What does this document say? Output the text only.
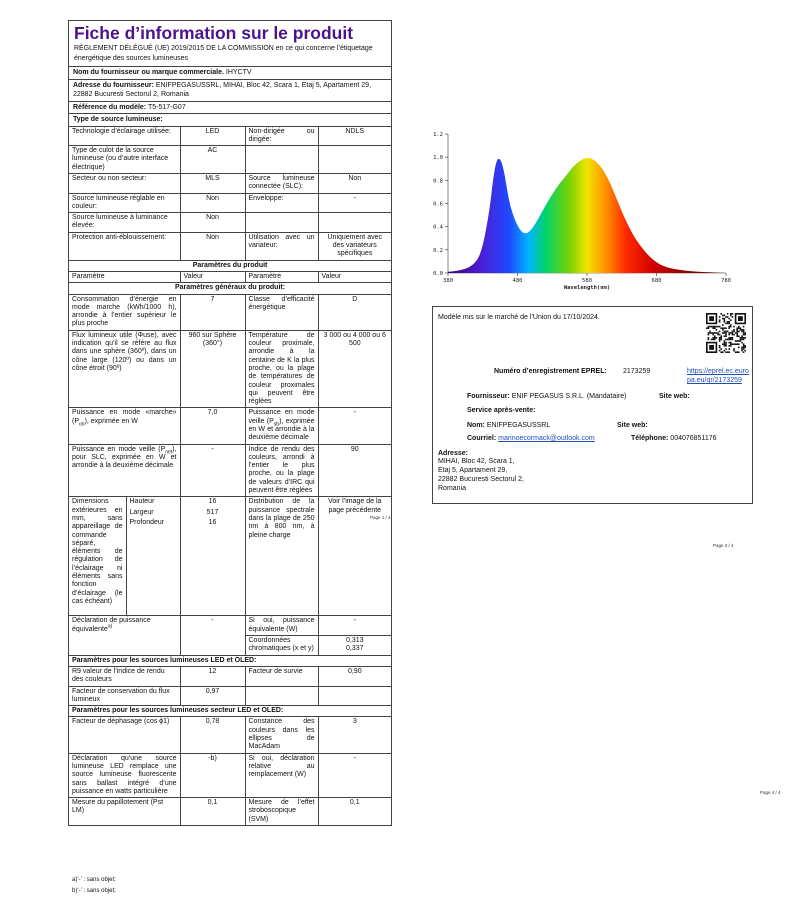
Fiche d’information sur le produit
RÈGLEMENT DÉLÉGUÉ (UE) 2019/2015 DE LA COMMISSION en ce qui concerne l’étiquetage énergétique des sources lumineuses
Nom du fournisseur ou marque commerciale. IHYCTV
Adresse du fournisseur: ENIFPEGASUSSRL, MIHAI, Bloc 42, Scara 1, Etaj 5, Apartament 29, 22882 Bucuresti Sectorul 2, Romania
Référence du modèle: T5-517-G07
Type de source lumineuse:
Technologie d’éclairage utilisée:	LED	Non-dirigée ou dirigée:	NDLS
Type de culot de la source lumineuse (ou d’autre interface électrique)	AC		
Secteur ou non secteur:	MLS	Source lumineuse connectée (SLC):	Non
Source lumineuse réglable en couleur:	Non	Enveloppe:	-
Source lumineuse à luminance élevée:	Non		
Protection anti-éblouissement:	Non	Utilisation avec un variateur:	Uniquement avec des variateurs spécifiques
Paramètres du produit				
Paramètre		Valeur	Paramètre	Valeur
Paramètres généraux du produit:				
Consommation d’énergie en mode marche (kWh/1000 h), arrondie à l’entier supérieur le plus proche		7	Classe d’efficacité énergétique	D
Flux lumineux utile (Φuse), avec indication qu’il se réfère au flux dans une sphère (360º), dans un cône large (120º) ou dans un cône étroit (90º)		960 sur Sphère (360°)	Température de couleur proximale, arrondie à la centaine de K la plus proche, ou la plage de températures de couleur proximales qui peuvent être réglées	3 000 ou 4 000 ou 6 500
Puissance en mode «marche» $(P_{on})$, exprimée en W		7,0	Puissance en mode veille $(P_{sb})$, exprimée en W et arrondie à la deuxième décimale	-
Puissance en mode veille $(P_{net})$, pour SLC, exprimée en W et arrondie à la deuxième décimale		-	Indice de rendu des couleurs, arrondi à l’entier le plus proche, ou la plage de valeurs d’IRC qui peuvent être réglées	90
Dimensions extérieures en mm, sans appareillage de commande séparé, éléments de régulation de l’éclairage ni éléments sans fonction d’éclairage (le cas échéant)	Hauteur	16	Distribution de la puissance spectrale dans la plage de 250 nm à 800 nm, à pleine charge	Voir l’image de la page précédente
	Largeur	517		
	Profondeur	16		
Déclaration de puissance équivalente$^{a)}$		-	Si oui, puissance équivalente (W)	-
			Coordonnées chromatiques (x et y)	0,313
0,337
Paramètres pour les sources lumineuses LED et OLED:				
R9 valeur de l’indice de rendu des couleurs		12	Facteur de survie	0,90
Facteur de conservation du flux lumineux		0,97		
Paramètres pour les sources lumineuses secteur LED et OLED:				
Facteur de déphasage (cos ϕ1)		0,78	Constance des couleurs dans les ellipses de MacAdam	3
Déclaration qu’une source lumineuse LED remplace une source lumineuse fluorescente sans ballast intégré d’une puissance en watts particulière		-b)	Si oui, déclaration relative au remplacement (W)	-
Mesure du papillotement (Pst LM)		0,1	Mesure de l’effet stroboscopique (SVM)	0,1
a)‘-’ : sans objet;
b)‘-’ : sans objet;
Page 1 / 4
Page 3 / 4
Page 4 / 4
0.0
0.2
0.4
0.6
0.8
1.0
1.2
380	480	580	680	780
Wavelength(nm)
Modèle mis sur le marché de l’Union du 17/10/2024.
Numéro d’enregistrement EPREL: 2173259	https://eprel.ec.europa.eu/qr/2173259
Fournisseur: ENIF PEGASUS S.R.L. (Mandataire)	Site web:
Service après-vente:
Nom: ENIFPEGASUSSRL	Site web:
Courriel: marinoecormack@outlook.com	Téléphone: 004076851176
Adresse:
MIHAI, Bloc 42, Scara 1,
Etaj 5, Apartament 29,
22882 Bucuresti Sectorul 2,
Romania
